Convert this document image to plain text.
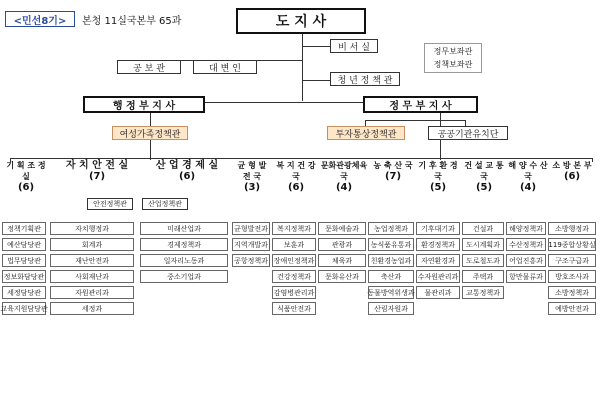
<민선8기>	본청 11실국본부 65과	도 지 사
비 서 실
공 보 관	대 변 인
청 년 정 책 관
정무보좌관
정책보좌관
행 정 부 지 사	정 무 부 지 사
여성가족정책관	투자통상정책관	공공기관유치단
기 획 조 정 실
(6)
자 치 안 전 실
(7)
산 업 경 제 실
(6)
균 형 발 전 국
(3)
복 지 건 강 국
(6)
문화관광체육국
(4)
농 축 산 국
(7)
기 후 환 경 국
(5)
건 설 교 통 국
(5)
해 양 수 산 국
(4)
소 방 본 부
(6)
안전정책관	산업정책관
정책기획관
예산담당관
법무담당관
정보화담당관
세정담당관
교육지원담당관
자치행정과
회계과
재난안전과
사회재난과
자원관리과
세정과
미래산업과
경제정책과
일자리노동과
중소기업과
균형발전과
지역개발과
공항정책과
복지정책과
보훈과
장애인정책과
건강정책과
감염병관리과
식품안전과
문화예술과
관광과
체육과
문화유산과
농업정책과
농식품유통과
친환경농업과
축산과
동물방역위생과
산림자원과
기후대기과
환경정책과
자연환경과
수자원관리과
물관리과
건설과
도시계획과
도로철도과
주택과
교통정책과
해양정책과
수산정책과
어업진흥과
항만물류과
소방행정과
119종합상황실
구조구급과
방호조사과
소방정책과
예방안전과
